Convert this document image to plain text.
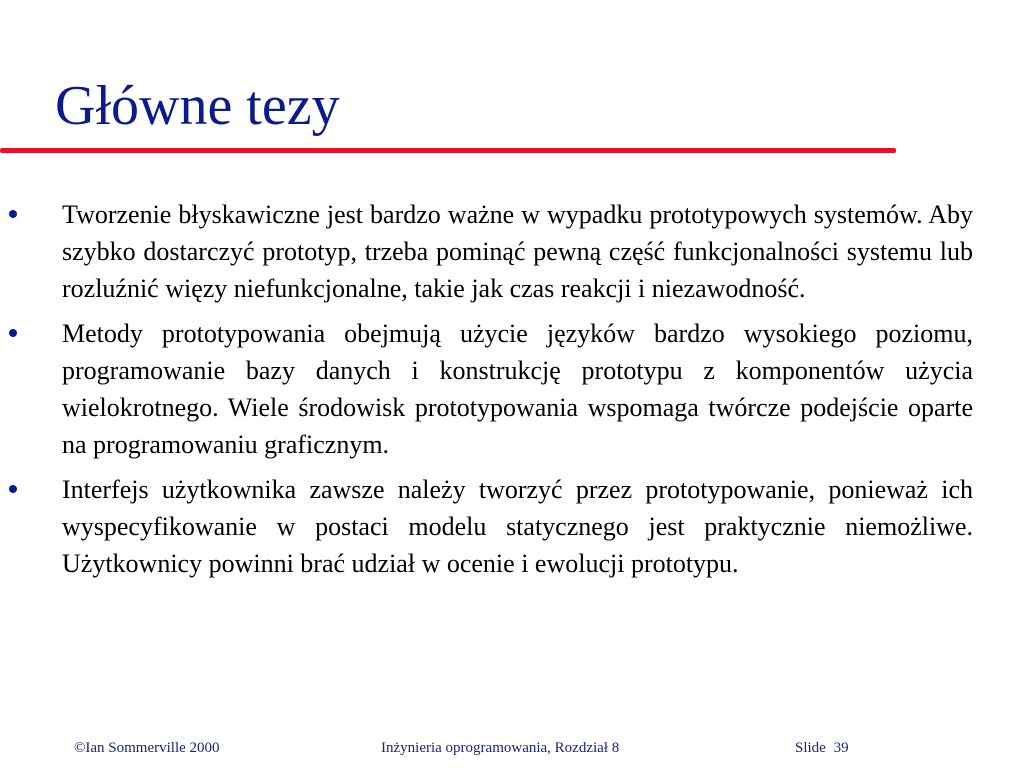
Główne tezy
Tworzenie błyskawiczne jest bardzo ważne w wypadku prototypowych systemów. Aby szybko dostarczyć prototyp, trzeba pominąć pewną część funkcjonalności systemu lub rozluźnić więzy niefunkcjonalne, takie jak czas reakcji i niezawodność.
Metody prototypowania obejmują użycie języków bardzo wysokiego poziomu, programowanie bazy danych i konstrukcję prototypu z komponentów użycia wielokrotnego. Wiele środowisk prototypowania wspomaga twórcze podejście oparte na programowaniu graficznym.
Interfejs użytkownika zawsze należy tworzyć przez prototypowanie, ponieważ ich wyspecyfikowanie w postaci modelu statycznego jest praktycznie niemożliwe. Użytkownicy powinni brać udział w ocenie i ewolucji prototypu.
©Ian Sommerville 2000	Inżynieria oprogramowania, Rozdział 8	Slide 39
